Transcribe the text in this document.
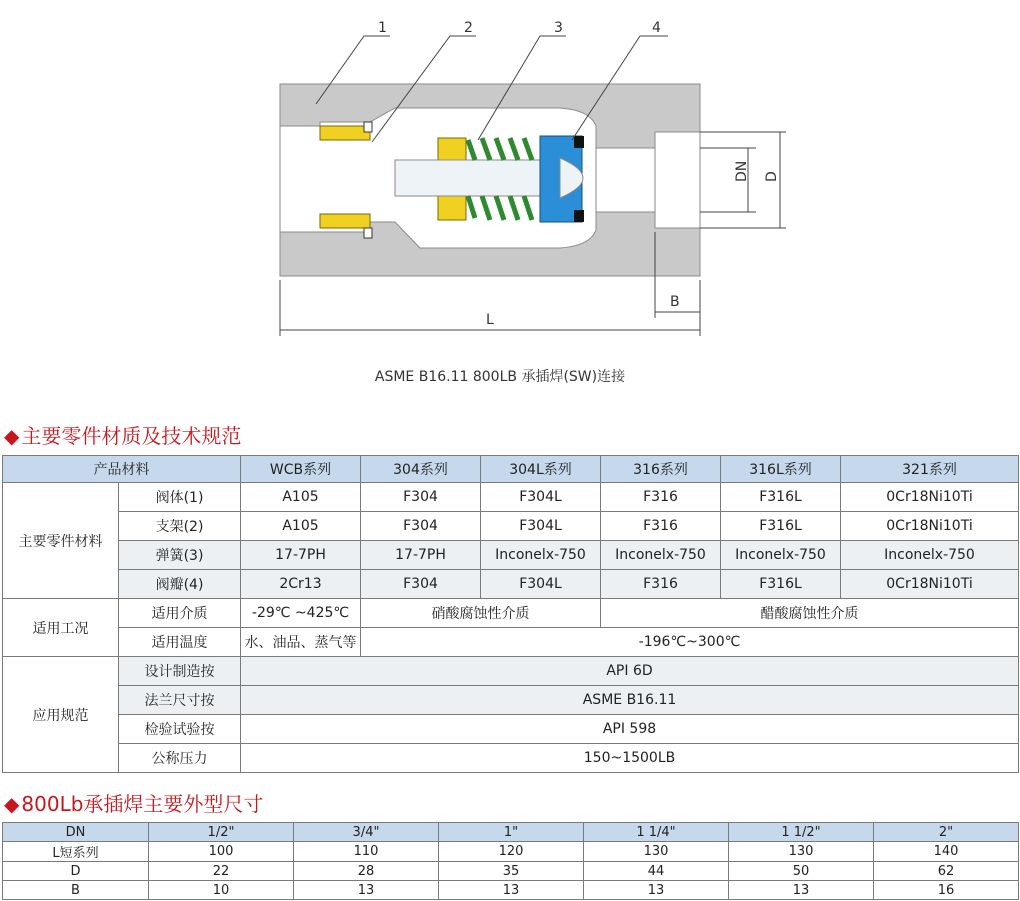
1	2	3	4
DN D
B
L
ASME B16.11 800LB 承插焊(SW)连接
◆ 主要零件材质及技术规范
产品材料		WCB系列	304系列	304L系列	316系列	316L系列	321系列
主要零件材料	阀体(1)	A105	F304	F304L	F316	F316L	0Cr18Ni10Ti
	支架(2)	A105	F304	F304L	F316	F316L	0Cr18Ni10Ti
	弹簧(3)	17-7PH	17-7PH	Inconelx-750	Inconelx-750	Inconelx-750	Inconelx-750
	阀瓣(4)	2Cr13	F304	F304L	F316	F316L	0Cr18Ni10Ti
适用工况	适用介质	-29℃ ~425℃	硝酸腐蚀性介质		醋酸腐蚀性介质		
	适用温度	水、油品、蒸气等	-196℃~300℃				
应用规范	设计制造按	API 6D					
	法兰尺寸按	ASME B16.11					
	检验试验按	API 598					
	公称压力	150~1500LB					
◆ 800Lb承插焊主要外型尺寸
DN	1/2"	3/4"	1"	1 1/4"	1 1/2"	2"
L短系列	100	110	120	130	130	140
D	22	28	35	44	50	62
B	10	13	13	13	13	16
